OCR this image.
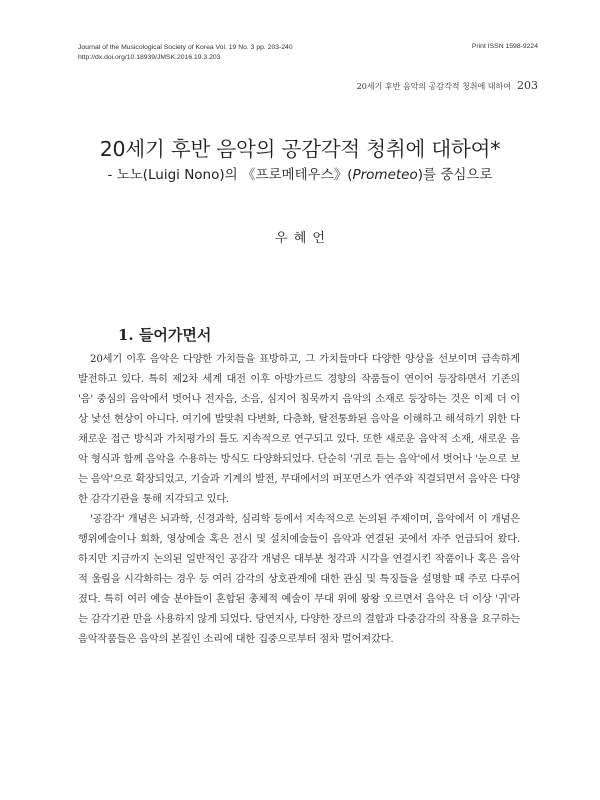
Journal of the Musicological Society of Korea Vol. 19 No. 3 pp. 203-240
http://dx.doi.org/10.18939/JMSK.2016.19.3.203
Print ISSN 1598-9224
20세기 후반 음악의 공감각적 청취에 대하여 203
20세기 후반 음악의 공감각적 청취에 대하여*
- 노노(Luigi Nono)의 《프로메테우스》(Prometeo)를 중심으로
우 혜 언
1. 들어가면서

20세기 이후 음악은 다양한 가치들을 표방하고, 그 가치들마다 다양한 양상을 선보이며 급속하게 발전하고 있다. 특히 제2차 세계 대전 이후 아방가르드 경향의 작품들이 연이어 등장하면서 기존의 '음' 중심의 음악에서 벗어나 전자음, 소음, 심지어 침묵까지 음악의 소재로 등장하는 것은 이제 더 이상 낯선 현상이 아니다. 여기에 발맞춰 다변화, 다층화, 탈전통화된 음악을 이해하고 해석하기 위한 다채로운 접근 방식과 가치평가의 틀도 지속적으로 연구되고 있다. 또한 새로운 음악적 소재, 새로운 음악 형식과 함께 음악을 수용하는 방식도 다양화되었다. 단순히 '귀로 듣는 음악'에서 벗어나 '눈으로 보는 음악'으로 확장되었고, 기술과 기계의 발전, 무대에서의 퍼포먼스가 연주와 직결되면서 음악은 다양한 감각기관을 통해 지각되고 있다.

'공감각' 개념은 뇌과학, 신경과학, 심리학 등에서 지속적으로 논의된 주제이며, 음악에서 이 개념은 행위예술이나 회화, 영상예술 혹은 전시 및 설치예술들이 음악과 연결된 곳에서 자주 언급되어 왔다. 하지만 지금까지 논의된 일반적인 공감각 개념은 대부분 청각과 시각을 연결시킨 작품이나 혹은 음악적 울림을 시각화하는 경우 등 여러 감각의 상호관계에 대한 관심 및 특징들을 설명할 때 주로 다루어졌다. 특히 여러 예술 분야들이 혼합된 총체적 예술이 무대 위에 왕왕 오르면서 음악은 더 이상 '귀'라는 감각기관 만을 사용하지 않게 되었다. 당연지사, 다양한 장르의 결합과 다중감각의 작용을 요구하는 음악작품들은 음악의 본질인 소리에 대한 집중으로부터 점차 멀어져갔다.
